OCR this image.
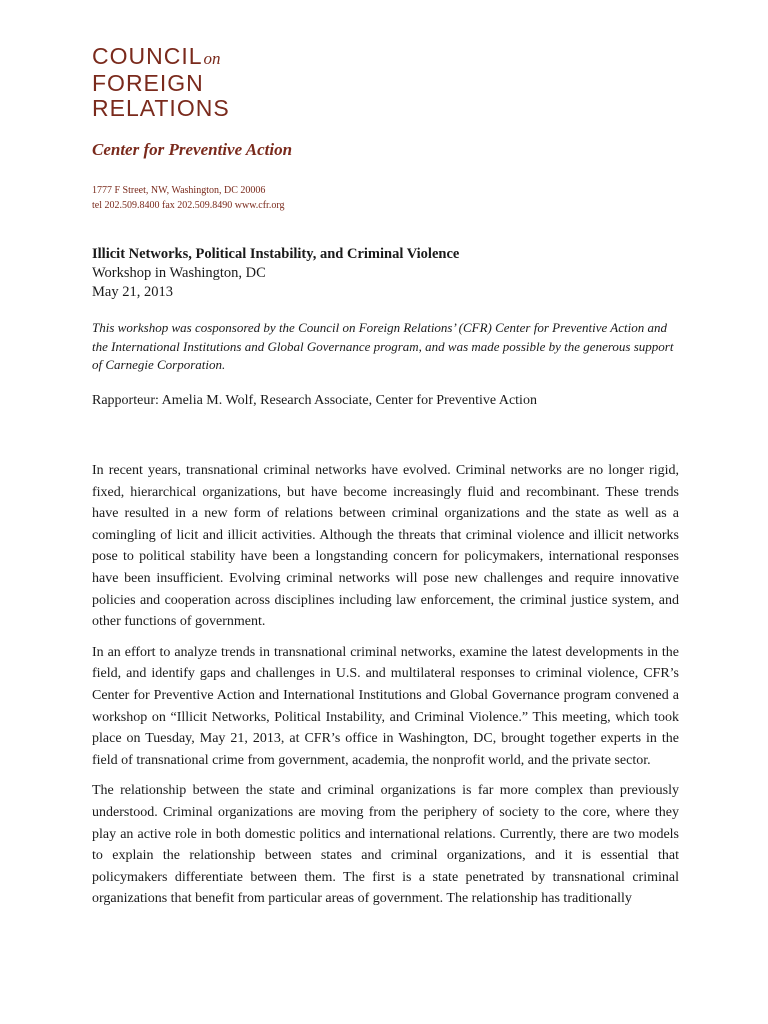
COUNCILon
FOREIGN
RELATIONS
Center for Preventive Action
1777 F Street, NW, Washington, DC 20006
tel 202.509.8400 fax 202.509.8490 www.cfr.org
Illicit Networks, Political Instability, and Criminal Violence
Workshop in Washington, DC
May 21, 2013
This workshop was cosponsored by the Council on Foreign Relations’ (CFR) Center for Preventive Action and the International Institutions and Global Governance program, and was made possible by the generous support of Carnegie Corporation.
Rapporteur: Amelia M. Wolf, Research Associate, Center for Preventive Action

In recent years, transnational criminal networks have evolved. Criminal networks are no longer rigid, fixed, hierarchical organizations, but have become increasingly fluid and recombinant. These trends have resulted in a new form of relations between criminal organizations and the state as well as a comingling of licit and illicit activities. Although the threats that criminal violence and illicit networks pose to political stability have been a longstanding concern for policymakers, international responses have been insufficient. Evolving criminal networks will pose new challenges and require innovative policies and cooperation across disciplines including law enforcement, the criminal justice system, and other functions of government.

In an effort to analyze trends in transnational criminal networks, examine the latest developments in the field, and identify gaps and challenges in U.S. and multilateral responses to criminal violence, CFR’s Center for Preventive Action and International Institutions and Global Governance program convened a workshop on “Illicit Networks, Political Instability, and Criminal Violence.” This meeting, which took place on Tuesday, May 21, 2013, at CFR’s office in Washington, DC, brought together experts in the field of transnational crime from government, academia, the nonprofit world, and the private sector.

The relationship between the state and criminal organizations is far more complex than previously understood. Criminal organizations are moving from the periphery of society to the core, where they play an active role in both domestic politics and international relations. Currently, there are two models to explain the relationship between states and criminal organizations, and it is essential that policymakers differentiate between them. The first is a state penetrated by transnational criminal organizations that benefit from particular areas of government. The relationship has traditionally
